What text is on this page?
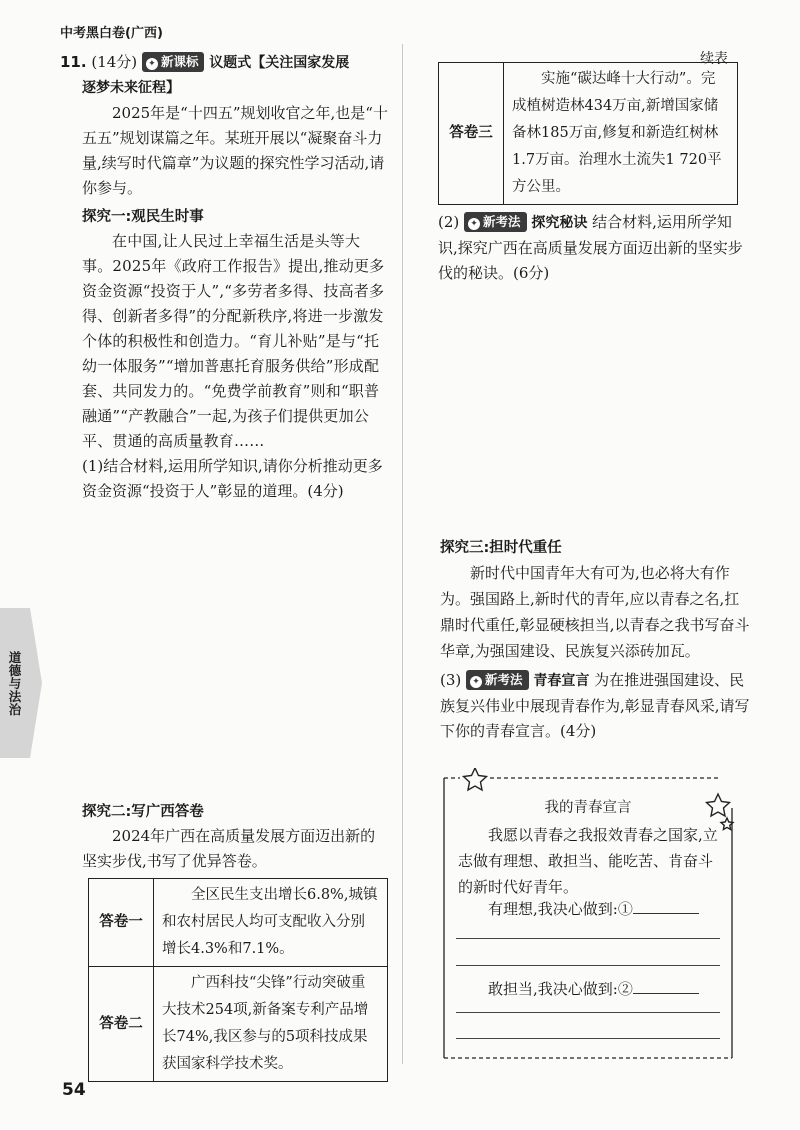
中考黑白卷(广西)
续表
道
德
与
法
治
11. (14分) ✦ 新课标 议题式【关注国家发展
逐梦未来征程】

2025年是“十四五”规划收官之年,也是“十五五”规划谋篇之年。某班开展以“凝聚奋斗力量,续写时代篇章”为议题的探究性学习活动,请你参与。

探究一:观民生时事

在中国,让人民过上幸福生活是头等大事。2025年《政府工作报告》提出,推动更多资金资源“投资于人”,“多劳者多得、技高者多得、创新者多得”的分配新秩序,将进一步激发个体的积极性和创造力。“育儿补贴”是与“托幼一体服务”“增加普惠托育服务供给”形成配套、共同发力的。“免费学前教育”则和“职普融通”“产教融合”一起,为孩子们提供更加公平、贯通的高质量教育……

(1)结合材料,运用所学知识,请你分析推动更多资金资源“投资于人”彰显的道理。(4分)

探究二:写广西答卷

2024年广西在高质量发展方面迈出新的坚实步伐,书写了优异答卷。

答卷一	全区民生支出增长6.8%,城镇和农村居民人均可支配收入分别增长4.3%和7.1%。
答卷二	广西科技“尖锋”行动突破重大技术254项,新备案专利产品增长74%,我区参与的5项科技成果获国家科学技术奖。
54
答卷三	实施“碳达峰十大行动”。完成植树造林434万亩,新增国家储备林185万亩,修复和新造红树林1.7万亩。治理水土流失1 720平方公里。

(2) ✦ 新考法 探究秘诀 结合材料,运用所学知识,探究广西在高质量发展方面迈出新的坚实步伐的秘诀。(6分)

探究三:担时代重任

新时代中国青年大有可为,也必将大有作为。强国路上,新时代的青年,应以青春之名,扛鼎时代重任,彰显硬核担当,以青春之我书写奋斗华章,为强国建设、民族复兴添砖加瓦。

(3) ✦ 新考法 青春宣言 为在推进强国建设、民族复兴伟业中展现青春作为,彰显青春风采,请写下你的青春宣言。(4分)

我的青春宣言

我愿以青春之我报效青春之国家,立志做有理想、敢担当、能吃苦、肯奋斗的新时代好青年。

有理想,我决心做到:①
敢担当,我决心做到:②
